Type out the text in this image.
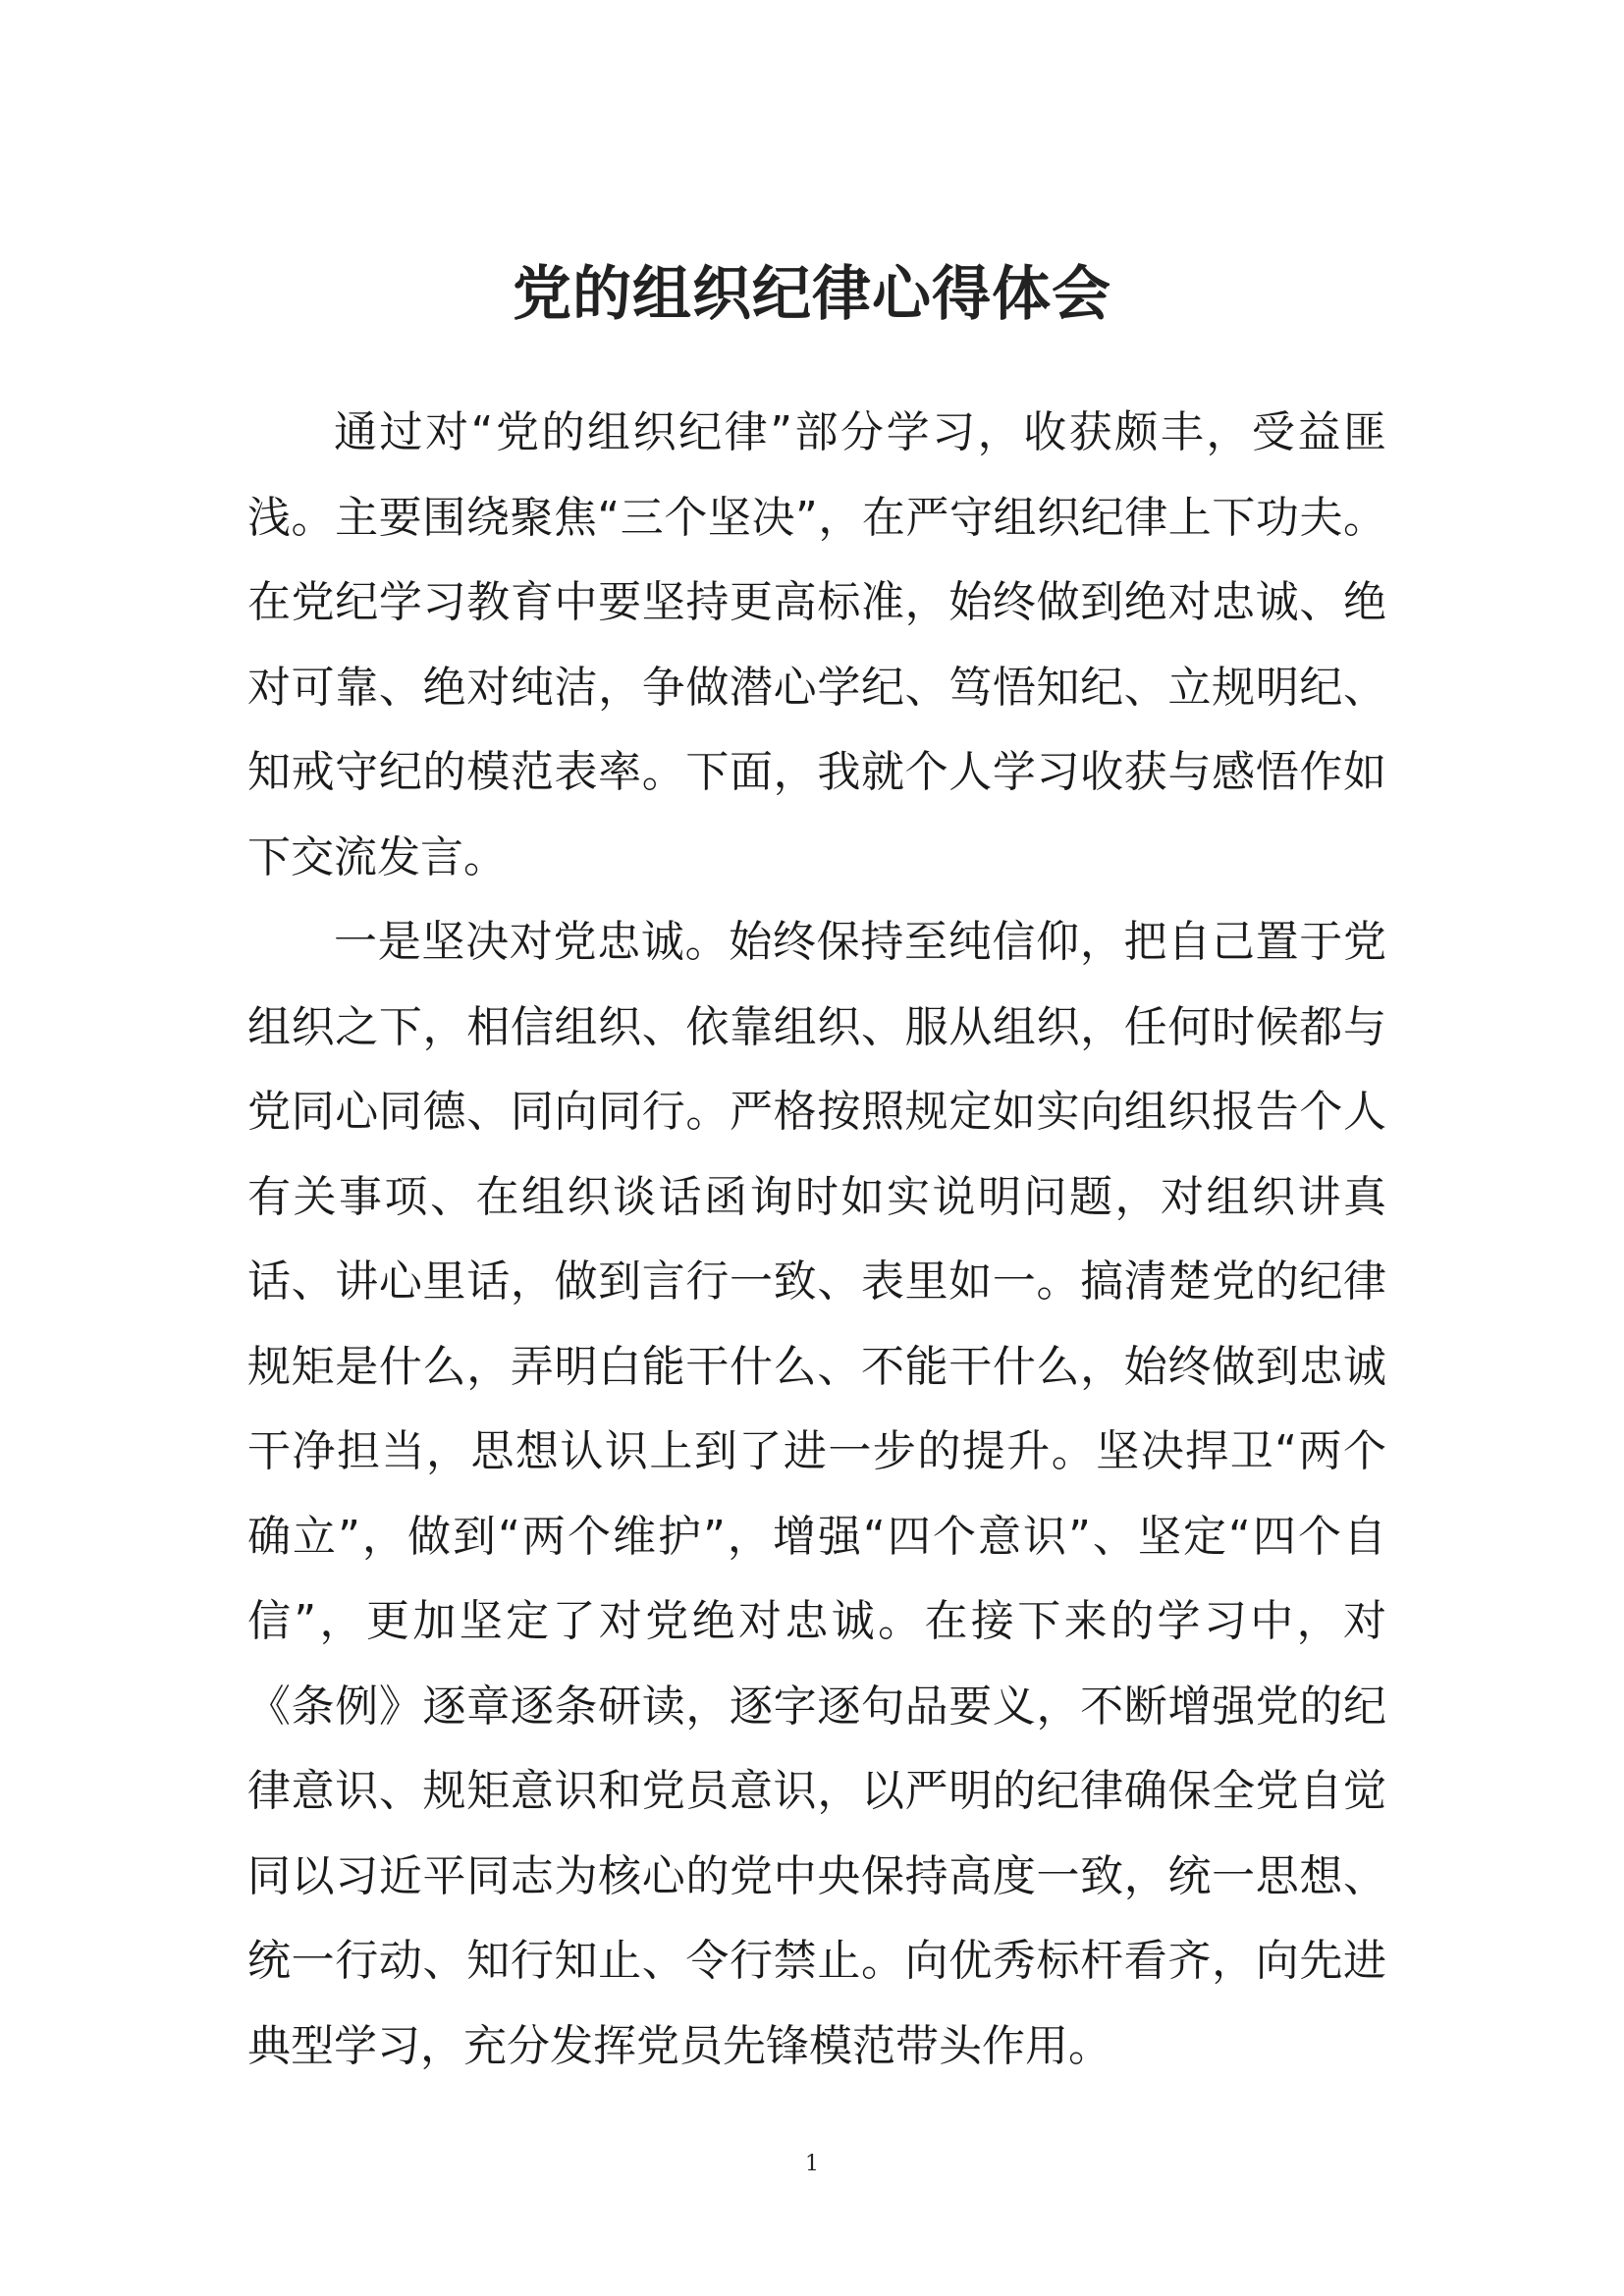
党的组织纪律心得体会

通过对“党的组织纪律”部分学习，收获颇丰，受益匪浅。主要围绕聚焦“三个坚决”，在严守组织纪律上下功夫。在党纪学习教育中要坚持更高标准，始终做到绝对忠诚、绝对可靠、绝对纯洁，争做潜心学纪、笃悟知纪、立规明纪、知戒守纪的模范表率。下面，我就个人学习收获与感悟作如下交流发言。

一是坚决对党忠诚。始终保持至纯信仰，把自己置于党组织之下，相信组织、依靠组织、服从组织，任何时候都与党同心同德、同向同行。严格按照规定如实向组织报告个人有关事项、在组织谈话函询时如实说明问题，对组织讲真话、讲心里话，做到言行一致、表里如一。搞清楚党的纪律规矩是什么，弄明白能干什么、不能干什么，始终做到忠诚干净担当，思想认识上到了进一步的提升。坚决捍卫“两个确立”，做到“两个维护”，增强“四个意识”、坚定“四个自信”，更加坚定了对党绝对忠诚。在接下来的学习中，对《条例》逐章逐条研读，逐字逐句品要义，不断增强党的纪律意识、规矩意识和党员意识，以严明的纪律确保全党自觉同以习近平同志为核心的党中央保持高度一致，统一思想、统一行动、知行知止、令行禁止。向优秀标杆看齐，向先进典型学习，充分发挥党员先锋模范带头作用。

1
